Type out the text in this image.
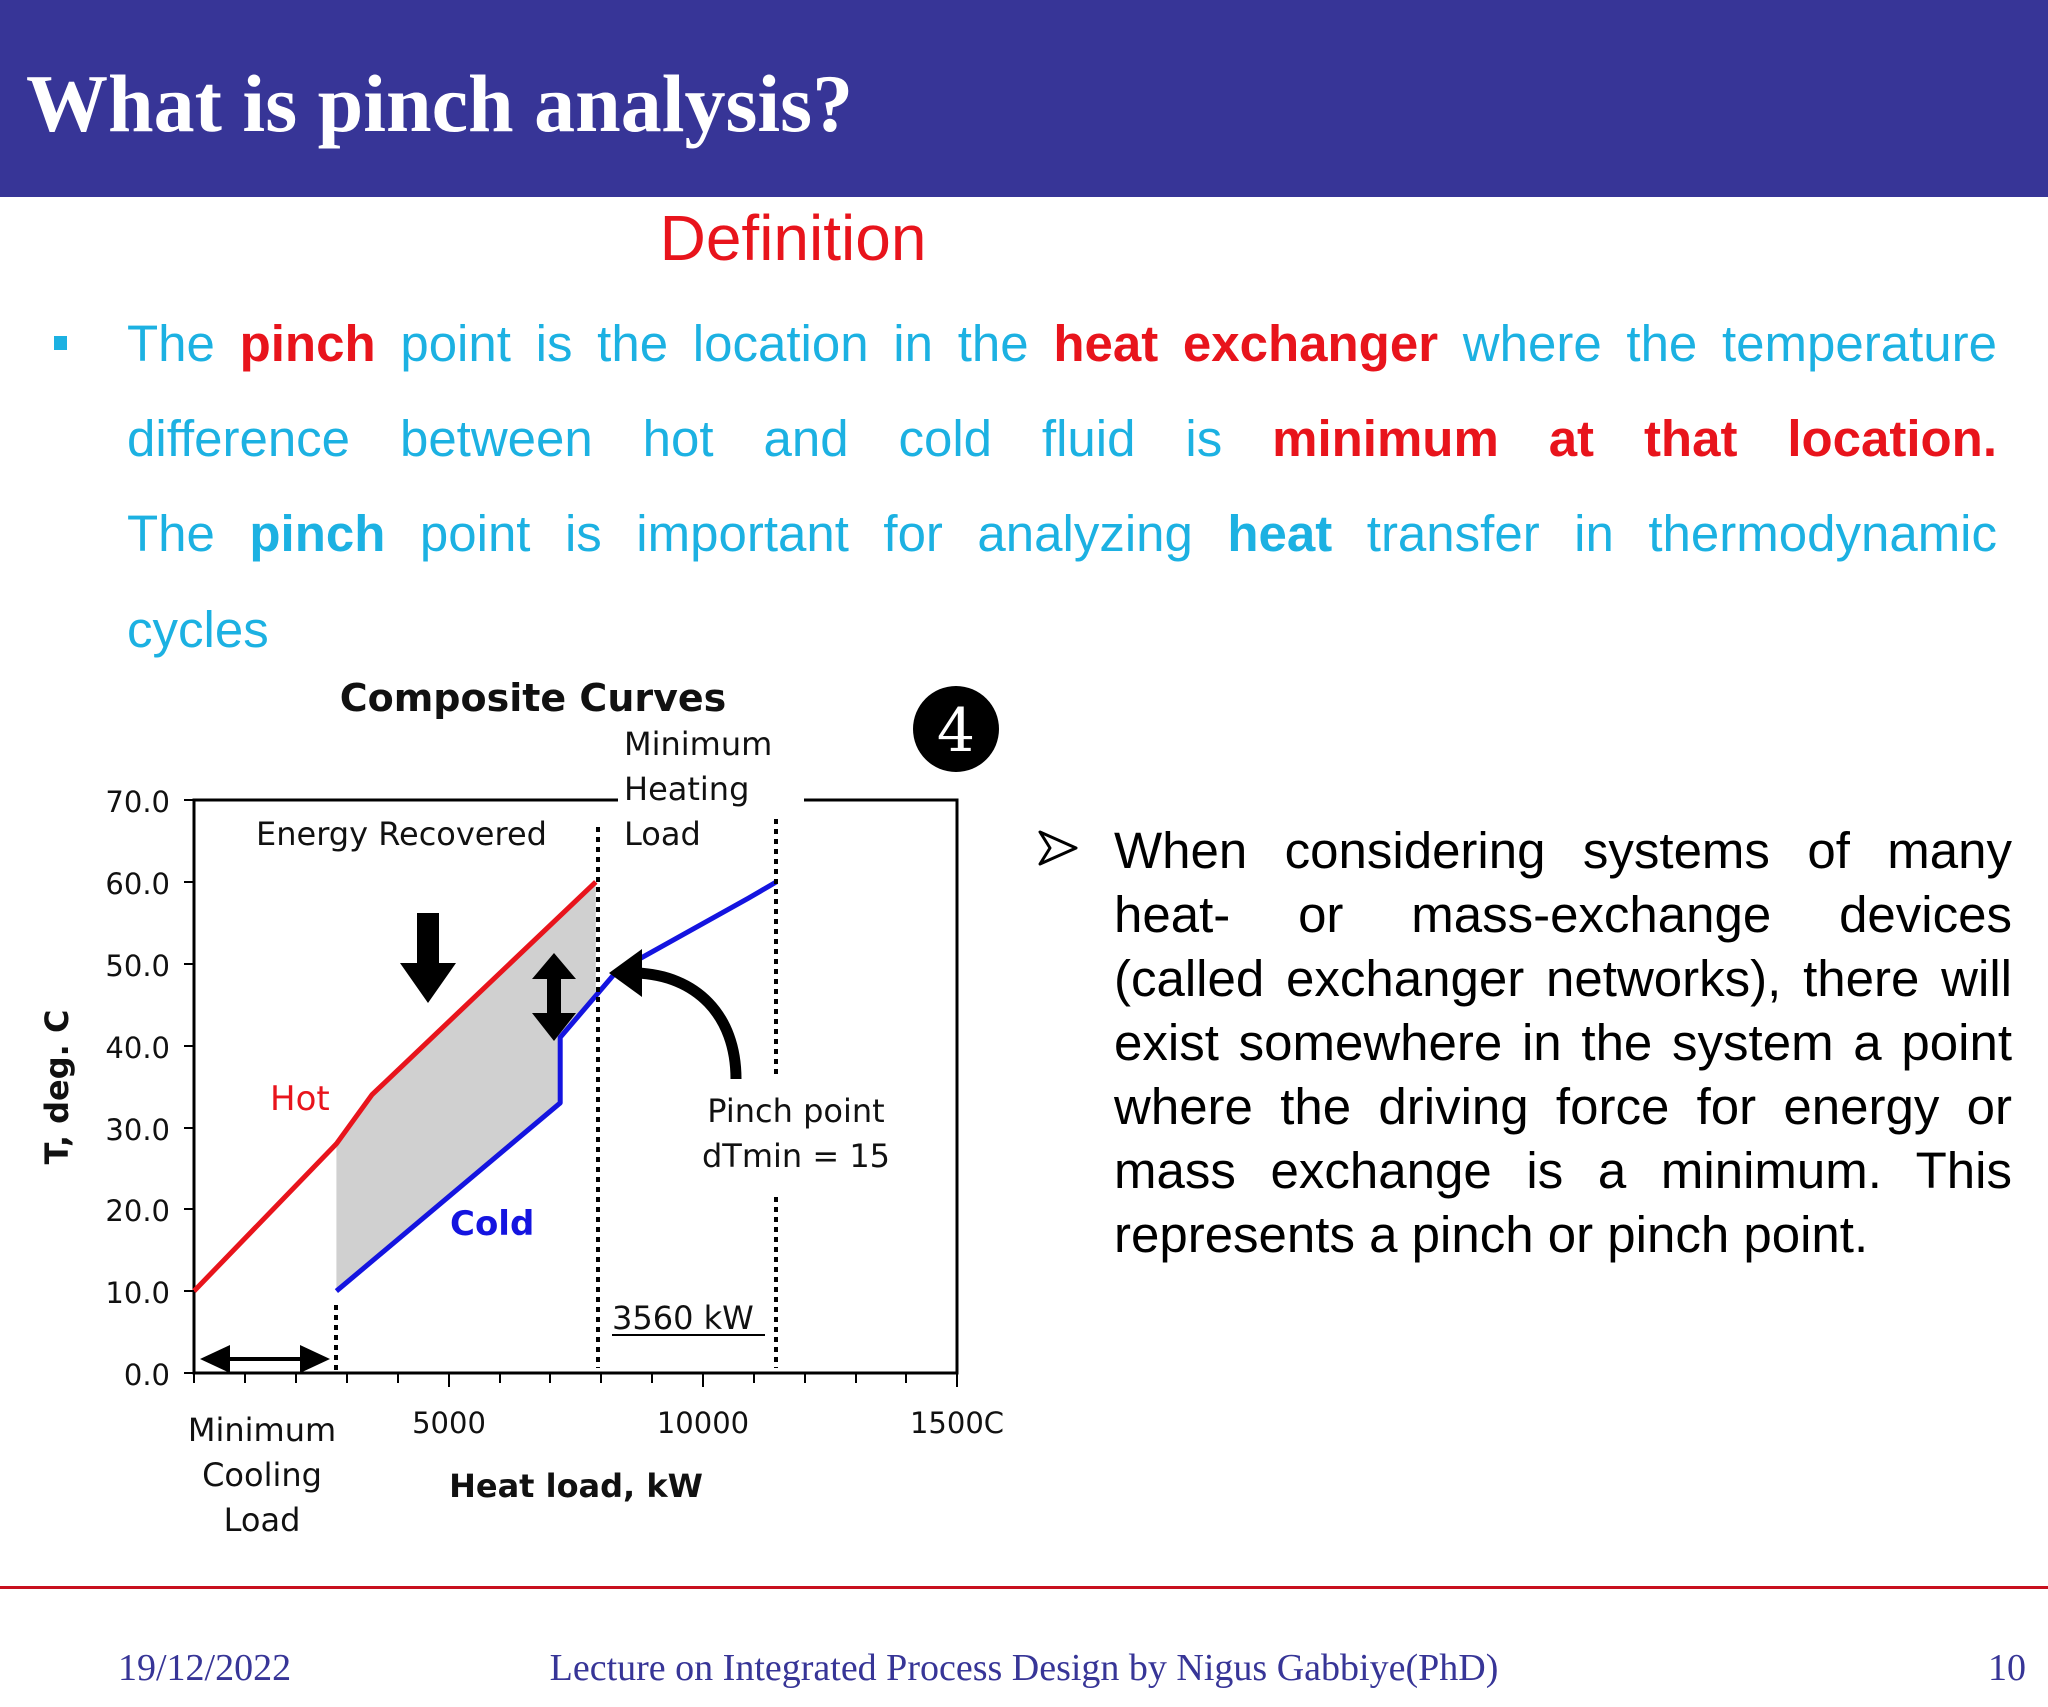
What is pinch analysis?
Definition
The pinch point is the location in the heat exchanger where the temperature
difference between hot and cold fluid is minimum at that location.
The pinch point is important for analyzing heat transfer in thermodynamic
cycles
4
Composite Curves
Minimum
Heating
Load
Energy Recovered
Pinch point
dTmin = 15
Hot
Cold
3560 kW
70.0
60.0
50.0
40.0
30.0
20.0
10.0
0.0
5000	10000	1500C
Minimum
Cooling
Load
Heat load, kW
T, deg. C
When considering systems of many heat- or mass-exchange devices (called exchanger networks), there will exist somewhere in the system a point where the driving force for energy or mass exchange is a minimum. This represents a pinch or pinch point.
19/12/2022	Lecture on Integrated Process Design by Nigus Gabbiye(PhD)	10
